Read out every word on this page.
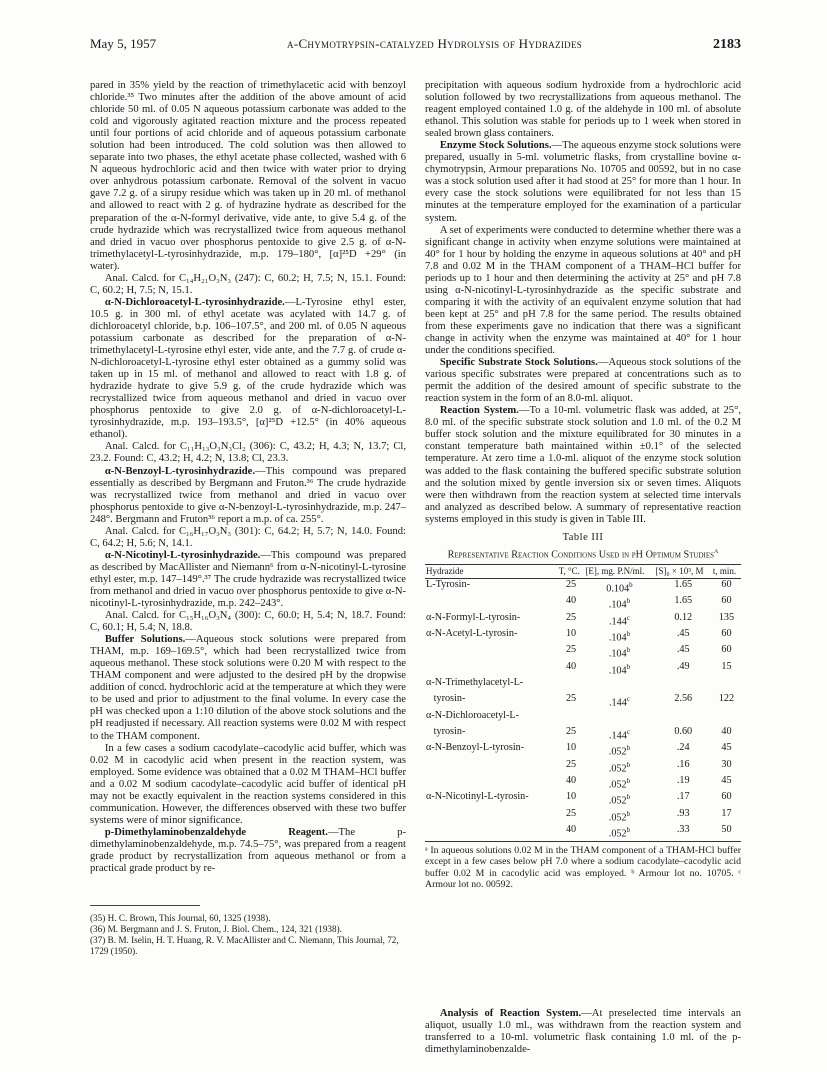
May 5, 1957	α-Chymotrypsin-catalyzed Hydrolysis of Hydrazides	2183

pared in 35% yield by the reaction of trimethylacetic acid with benzoyl chloride.³⁵ Two minutes after the addition of the above amount of acid chloride 50 ml. of 0.05 N aqueous potassium carbonate was added to the cold and vigorously agitated reaction mixture and the process repeated until four portions of acid chloride and of aqueous potassium carbonate solution had been introduced. The cold solution was then allowed to separate into two phases, the ethyl acetate phase collected, washed with 6 N aqueous hydrochloric acid and then twice with water prior to drying over anhydrous potassium carbonate. Removal of the solvent in vacuo gave 7.2 g. of a sirupy residue which was taken up in 20 ml. of methanol and allowed to react with 2 g. of hydrazine hydrate as described for the preparation of the α-N-formyl derivative, vide ante, to give 5.4 g. of the crude hydrazide which was recrystallized twice from aqueous methanol and dried in vacuo over phosphorus pentoxide to give 2.5 g. of α-N-trimethylacetyl-L-tyrosinhydrazide, m.p. 179–180°, [α]²⁵D +29° (in water).

Anal. Calcd. for C₁₄H₂₁O₃N₃ (247): C, 60.2; H, 7.5; N, 15.1. Found: C, 60.2; H, 7.5; N, 15.1.

α-N-Dichloroacetyl-L-tyrosinhydrazide.—L-Tyrosine ethyl ester, 10.5 g. in 300 ml. of ethyl acetate was acylated with 14.7 g. of dichloroacetyl chloride, b.p. 106–107.5°, and 200 ml. of 0.05 N aqueous potassium carbonate as described for the preparation of α-N-trimethylacetyl-L-tyrosine ethyl ester, vide ante, and the 7.7 g. of crude α-N-dichloroacetyl-L-tyrosine ethyl ester obtained as a gummy solid was taken up in 15 ml. of methanol and allowed to react with 1.8 g. of hydrazide hydrate to give 5.9 g. of the crude hydrazide which was recrystallized twice from aqueous methanol and dried in vacuo over phosphorus pentoxide to give 2.0 g. of α-N-dichloroacetyl-L-tyrosinhydrazide, m.p. 193–193.5°, [α]²⁵D +12.5° (in 40% aqueous ethanol).

Anal. Calcd. for C₁₁H₁₃O₃N₃Cl₂ (306): C, 43.2; H, 4.3; N, 13.7; Cl, 23.2. Found: C, 43.2; H, 4.2; N, 13.8; Cl, 23.3.

α-N-Benzoyl-L-tyrosinhydrazide.—This compound was prepared essentially as described by Bergmann and Fruton.³⁶ The crude hydrazide was recrystallized twice from methanol and dried in vacuo over phosphorus pentoxide to give α-N-benzoyl-L-tyrosinhydrazide, m.p. 247–248°. Bergmann and Fruton³⁶ report a m.p. of ca. 255°.

Anal. Calcd. for C₁₆H₁₇O₃N₃ (301): C, 64.2; H, 5.7; N, 14.0. Found: C, 64.2; H, 5.6; N, 14.1.

α-N-Nicotinyl-L-tyrosinhydrazide.—This compound was prepared as described by MacAllister and Niemann⁶ from α-N-nicotinyl-L-tyrosine ethyl ester, m.p. 147–149°.³⁷ The crude hydrazide was recrystallized twice from methanol and dried in vacuo over phosphorus pentoxide to give α-N-nicotinyl-L-tyrosinhydrazide, m.p. 242–243°.

Anal. Calcd. for C₁₅H₁₆O₃N₄ (300): C, 60.0; H, 5.4; N, 18.7. Found: C, 60.1; H, 5.4; N, 18.8.

Buffer Solutions.—Aqueous stock solutions were prepared from THAM, m.p. 169–169.5°, which had been recrystallized twice from aqueous methanol. These stock solutions were 0.20 M with respect to the THAM component and were adjusted to the desired pH by the dropwise addition of concd. hydrochloric acid at the temperature at which they were to be used and prior to adjustment to the final volume. In every case the pH was checked upon a 1:10 dilution of the above stock solutions and the pH readjusted if necessary. All reaction systems were 0.02 M with respect to the THAM component.

In a few cases a sodium cacodylate–cacodylic acid buffer, which was 0.02 M in cacodylic acid when present in the reaction system, was employed. Some evidence was obtained that a 0.02 M THAM–HCl buffer and a 0.02 M sodium cacodylate–cacodylic acid buffer of identical pH may not be exactly equivalent in the reaction systems considered in this communication. However, the differences observed with these two buffer systems were of minor significance.

p-Dimethylaminobenzaldehyde Reagent.—The p-dimethylaminobenzaldehyde, m.p. 74.5–75°, was prepared from a reagent grade product by recrystallization from aqueous methanol or from a practical grade product by re-

(35) H. C. Brown, This Journal, 60, 1325 (1938).
(36) M. Bergmann and J. S. Fruton, J. Biol. Chem., 124, 321 (1938).
(37) B. M. Iselin, H. T. Huang, R. V. MacAllister and C. Niemann, This Journal, 72, 1729 (1950).

precipitation with aqueous sodium hydroxide from a hydrochloric acid solution followed by two recrystallizations from aqueous methanol. The reagent employed contained 1.0 g. of the aldehyde in 100 ml. of absolute ethanol. This solution was stable for periods up to 1 week when stored in sealed brown glass containers.

Enzyme Stock Solutions.—The aqueous enzyme stock solutions were prepared, usually in 5-ml. volumetric flasks, from crystalline bovine α-chymotrypsin, Armour preparations No. 10705 and 00592, but in no case was a stock solution used after it had stood at 25° for more than 1 hour. In every case the stock solutions were equilibrated for not less than 15 minutes at the temperature employed for the examination of a particular system.

A set of experiments were conducted to determine whether there was a significant change in activity when enzyme solutions were maintained at 40° for 1 hour by holding the enzyme in aqueous solutions at 40° and pH 7.8 and 0.02 M in the THAM component of a THAM–HCl buffer for periods up to 1 hour and then determining the activity at 25° and pH 7.8 using α-N-nicotinyl-L-tyrosinhydrazide as the specific substrate and comparing it with the activity of an equivalent enzyme solution that had been kept at 25° and pH 7.8 for the same period. The results obtained from these experiments gave no indication that there was a significant change in activity when the enzyme was maintained at 40° for 1 hour under the conditions specified.

Specific Substrate Stock Solutions.—Aqueous stock solutions of the various specific substrates were prepared at concentrations such as to permit the addition of the desired amount of specific substrate to the reaction system in the form of an 8.0-ml. aliquot.

Reaction System.—To a 10-ml. volumetric flask was added, at 25°, 8.0 ml. of the specific substrate stock solution and 1.0 ml. of the 0.2 M buffer stock solution and the mixture equilibrated for 30 minutes in a constant temperature bath maintained within ±0.1° of the selected temperature. At zero time a 1.0-ml. aliquot of the enzyme stock solution was added to the flask containing the buffered specific substrate solution and the solution mixed by gentle inversion six or seven times. Aliquots were then withdrawn from the reaction system at selected time intervals and analyzed as described below. A summary of representative reaction systems employed in this study is given in Table III.

Table III
Representative Reaction Conditions Used in pH Optimum Studies$^a$
Hydrazide	T, °C.	[E], mg. P.N/ml.	[S]₀ × 10³, M	t, min.
L-Tyrosin-	25	0.104$^b$	1.65	60
	40	.104$^b$	1.65	60
α-N-Formyl-L-tyrosin-	25	.144$^c$	0.12	135
α-N-Acetyl-L-tyrosin-	10	.104$^b$	.45	60
	25	.104$^b$	.45	60
	40	.104$^b$	.49	15
α-N-Trimethylacetyl-L-				
tyrosin-	25	.144$^c$	2.56	122
α-N-Dichloroacetyl-L-				
tyrosin-	25	.144$^c$	0.60	40
α-N-Benzoyl-L-tyrosin-	10	.052$^b$	.24	45
	25	.052$^b$	.16	30
	40	.052$^b$	.19	45
α-N-Nicotinyl-L-tyrosin-	10	.052$^b$	.17	60
	25	.052$^b$	.93	17
	40	.052$^b$	.33	50
ᵃ In aqueous solutions 0.02 M in the THAM component of a THAM-HCl buffer except in a few cases below pH 7.0 where a sodium cacodylate–cacodylic acid buffer 0.02 M in cacodylic acid was employed. ᵇ Armour lot no. 10705. ᶜ Armour lot no. 00592.

Analysis of Reaction System.—At preselected time intervals an aliquot, usually 1.0 ml., was withdrawn from the reaction system and transferred to a 10-ml. volumetric flask containing 1.0 ml. of the p-dimethylaminobenzalde-
